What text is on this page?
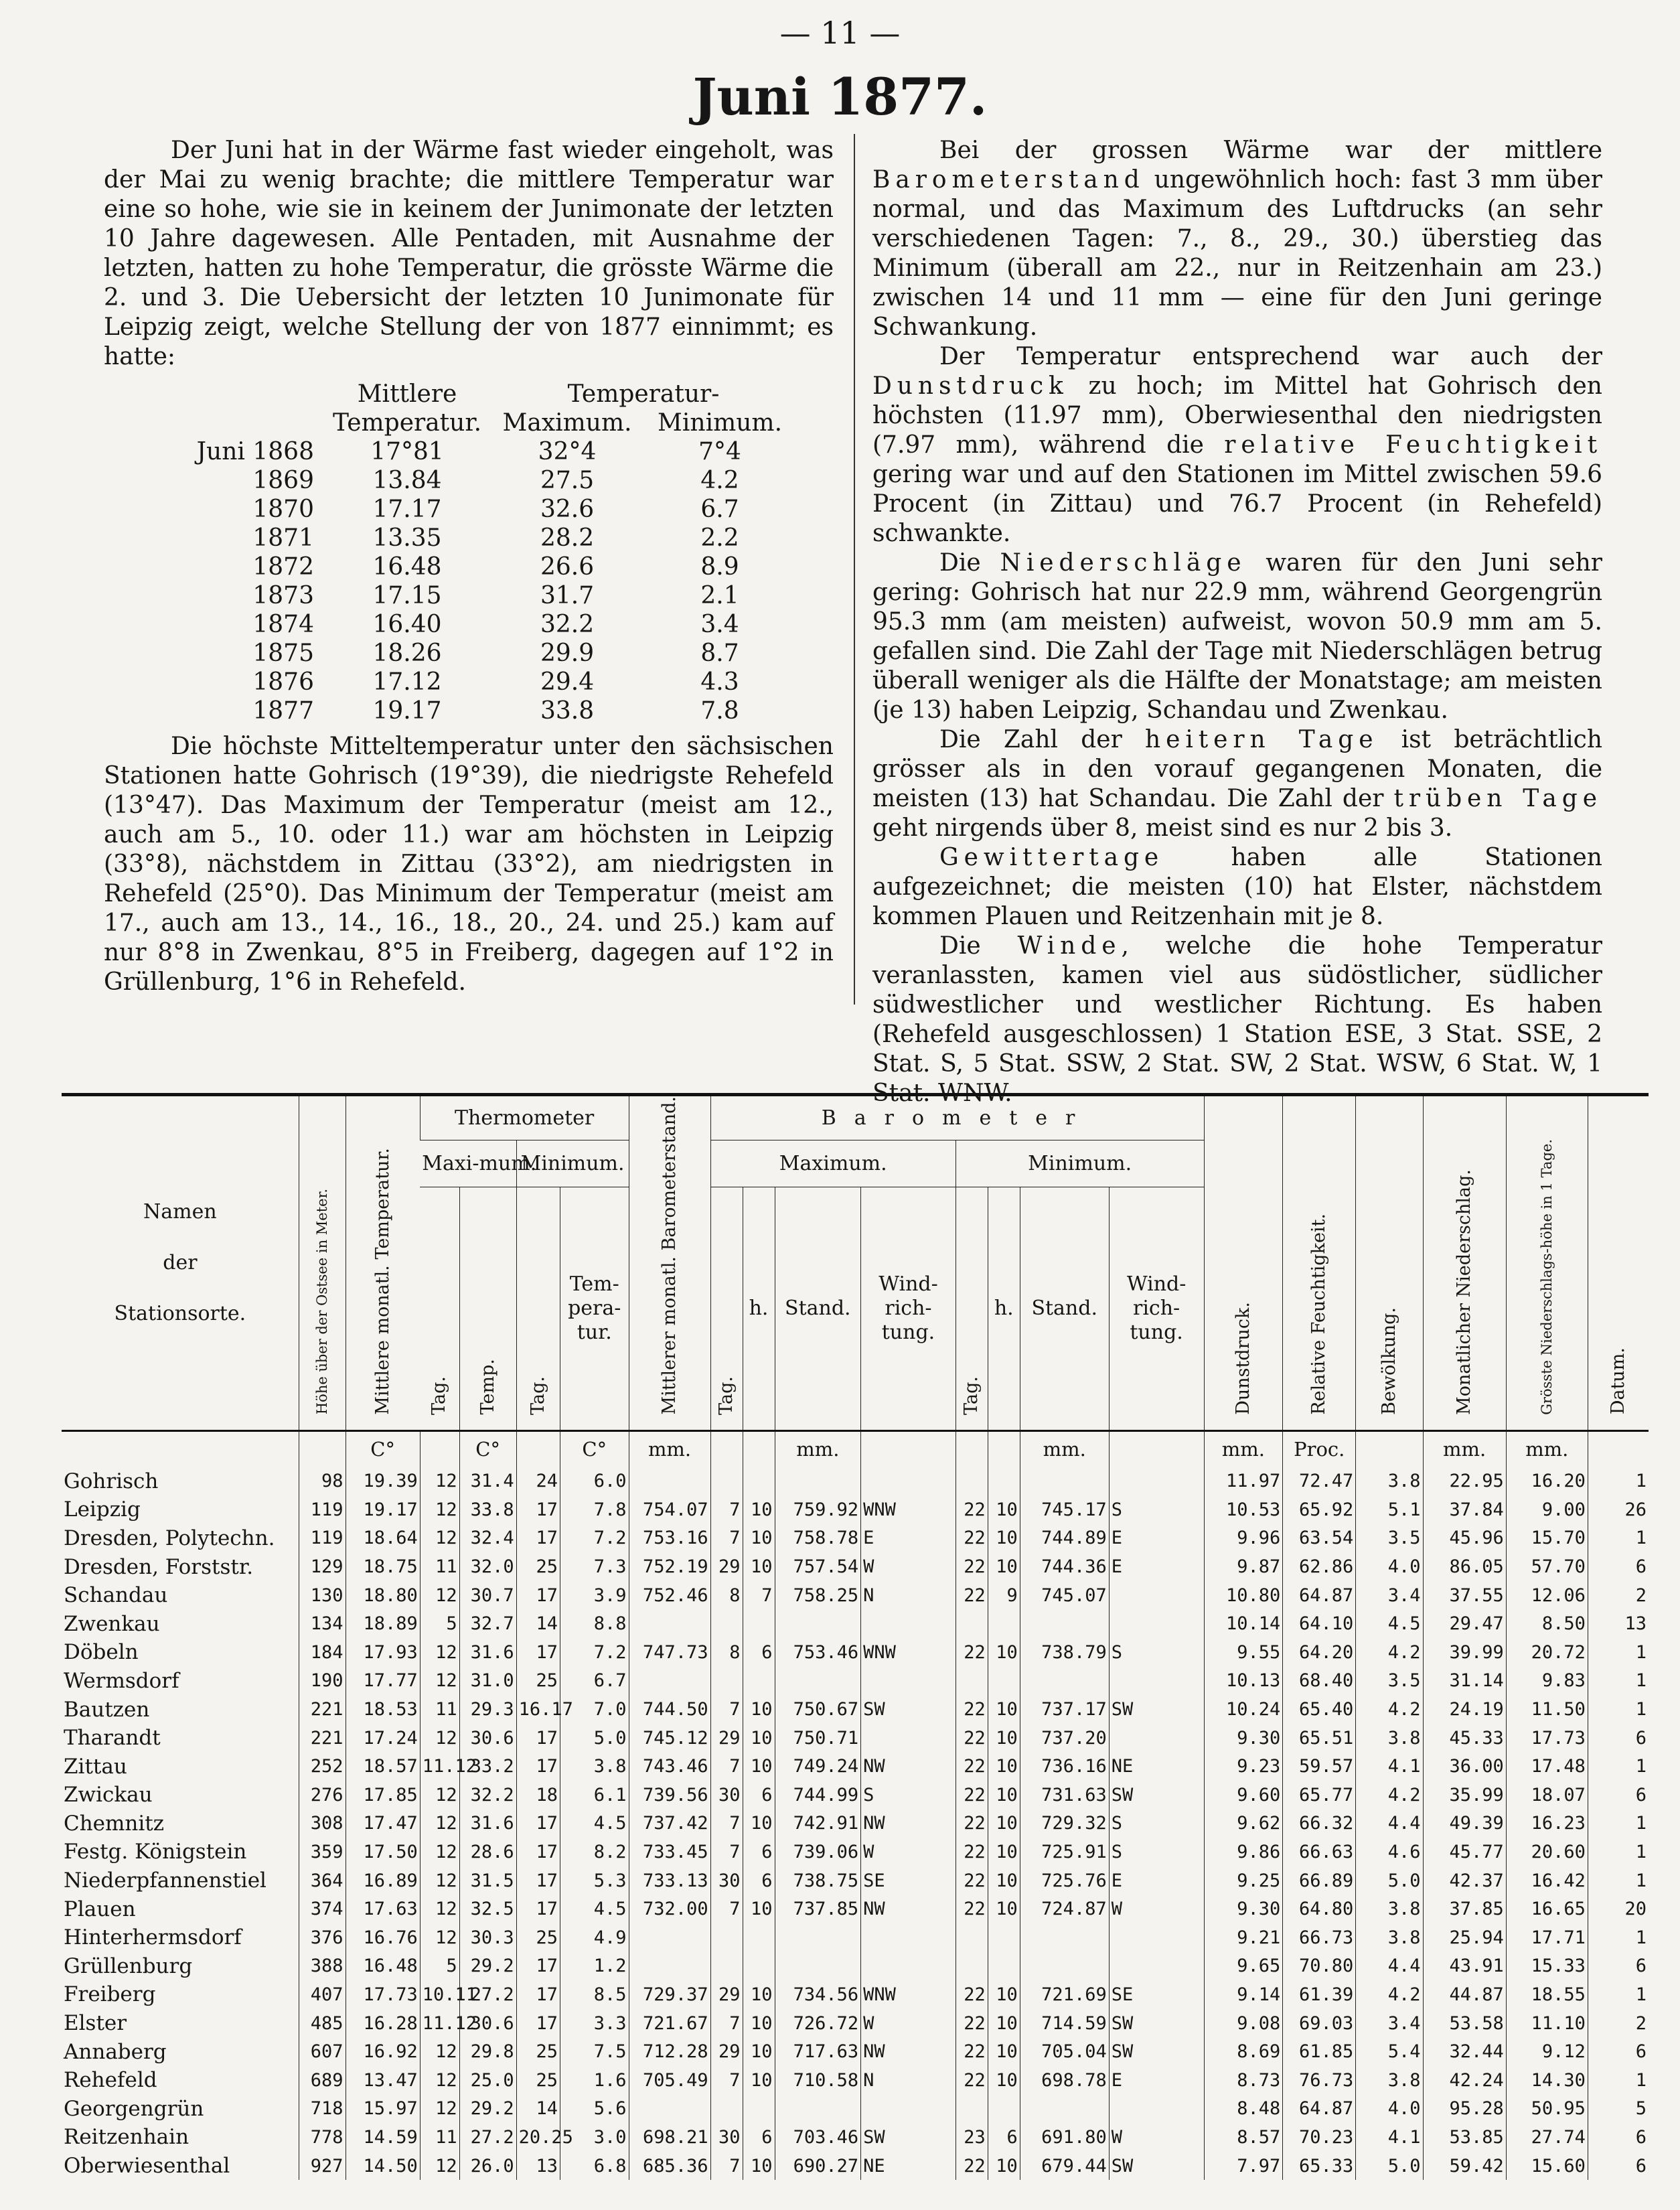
— 11 —
Juni 1877.

Der Juni hat in der Wärme fast wieder eingeholt, was der Mai zu wenig brachte; die mittlere Temperatur war eine so hohe, wie sie in keinem der Junimonate der letzten 10 Jahre dagewesen. Alle Pentaden, mit Ausnahme der letzten, hatten zu hohe Temperatur, die grösste Wärme die 2. und 3. Die Uebersicht der letzten 10 Junimonate für Leipzig zeigt, welche Stellung der von 1877 einnimmt; es hatte:

	Mittlere	Temperatur-	
	Temperatur.	Maximum.	Minimum.
Juni 1868	17°81	32°4	7°4
1869	13.84	27.5	4.2
1870	17.17	32.6	6.7
1871	13.35	28.2	2.2
1872	16.48	26.6	8.9
1873	17.15	31.7	2.1
1874	16.40	32.2	3.4
1875	18.26	29.9	8.7
1876	17.12	29.4	4.3
1877	19.17	33.8	7.8

Die höchste Mitteltemperatur unter den sächsischen Stationen hatte Gohrisch (19°39), die niedrigste Rehefeld (13°47). Das Maximum der Temperatur (meist am 12., auch am 5., 10. oder 11.) war am höchsten in Leipzig (33°8), nächstdem in Zittau (33°2), am niedrigsten in Rehefeld (25°0). Das Minimum der Temperatur (meist am 17., auch am 13., 14., 16., 18., 20., 24. und 25.) kam auf nur 8°8 in Zwenkau, 8°5 in Freiberg, dagegen auf 1°2 in Grüllenburg, 1°6 in Rehefeld.

Bei der grossen Wärme war der mittlere Barometerstand ungewöhnlich hoch: fast 3 mm über normal, und das Maximum des Luftdrucks (an sehr verschiedenen Tagen: 7., 8., 29., 30.) überstieg das Minimum (überall am 22., nur in Reitzenhain am 23.) zwischen 14 und 11 mm — eine für den Juni geringe Schwankung.

Der Temperatur entsprechend war auch der Dunstdruck zu hoch; im Mittel hat Gohrisch den höchsten (11.97 mm), Oberwiesenthal den niedrigsten (7.97 mm), während die relative Feuchtigkeit gering war und auf den Stationen im Mittel zwischen 59.6 Procent (in Zittau) und 76.7 Procent (in Rehefeld) schwankte.

Die Niederschläge waren für den Juni sehr gering: Gohrisch hat nur 22.9 mm, während Georgengrün 95.3 mm (am meisten) aufweist, wovon 50.9 mm am 5. gefallen sind. Die Zahl der Tage mit Niederschlägen betrug überall weniger als die Hälfte der Monatstage; am meisten (je 13) haben Leipzig, Schandau und Zwenkau.

Die Zahl der heitern Tage ist beträchtlich grösser als in den vorauf gegangenen Monaten, die meisten (13) hat Schandau. Die Zahl der trüben Tage geht nirgends über 8, meist sind es nur 2 bis 3.

Gewittertage haben alle Stationen aufgezeichnet; die meisten (10) hat Elster, nächstdem kommen Plauen und Reitzenhain mit je 8.

Die Winde, welche die hohe Temperatur veranlassten, kamen viel aus südöstlicher, südlicher südwestlicher und westlicher Richtung. Es haben (Rehefeld ausgeschlossen) 1 Station ESE, 3 Stat. SSE, 2 Stat. S, 5 Stat. SSW, 2 Stat. SW, 2 Stat. WSW, 6 Stat. W, 1 Stat. WNW.

Namen
der
Stationsorte.	Höhe über der Ostsee in Meter.	Mittlere monatl. Temperatur.	Thermometer				Mittlerer monatl. Barometerstand.	Barometer								Dunstdruck.	Relative Feuchtigkeit.	Bewölkung.	Monatlicher Niederschlag.	Grösste Niederschlags-höhe in 1 Tage.	Datum.
			Maxi-mum.		Minimum.			Maximum.				Minimum.									
			Tag.	Temp.	Tag.	Tem-pera-tur.		Tag.	h.	Stand.	Wind-rich-tung.	Tag.	h.	Stand.	Wind-rich-tung.						

		C°		C°		C°	mm.			mm.				mm.		mm.	Proc.		mm.	mm.	
Gohrisch	98	19.39	12	31.4	24	6.0										11.97	72.47	3.8	22.95	16.20	1
Leipzig	119	19.17	12	33.8	17	7.8	754.07	7	10	759.92	WNW	22	10	745.17	S	10.53	65.92	5.1	37.84	9.00	26
Dresden, Polytechn.	119	18.64	12	32.4	17	7.2	753.16	7	10	758.78	E	22	10	744.89	E	9.96	63.54	3.5	45.96	15.70	1
Dresden, Forststr.	129	18.75	11	32.0	25	7.3	752.19	29	10	757.54	W	22	10	744.36	E	9.87	62.86	4.0	86.05	57.70	6
Schandau	130	18.80	12	30.7	17	3.9	752.46	8	7	758.25	N	22	9	745.07		10.80	64.87	3.4	37.55	12.06	2
Zwenkau	134	18.89	5	32.7	14	8.8										10.14	64.10	4.5	29.47	8.50	13
Döbeln	184	17.93	12	31.6	17	7.2	747.73	8	6	753.46	WNW	22	10	738.79	S	9.55	64.20	4.2	39.99	20.72	1
Wermsdorf	190	17.77	12	31.0	25	6.7										10.13	68.40	3.5	31.14	9.83	1
Bautzen	221	18.53	11	29.3	16.17	7.0	744.50	7	10	750.67	SW	22	10	737.17	SW	10.24	65.40	4.2	24.19	11.50	1
Tharandt	221	17.24	12	30.6	17	5.0	745.12	29	10	750.71		22	10	737.20		9.30	65.51	3.8	45.33	17.73	6
Zittau	252	18.57	11.12	33.2	17	3.8	743.46	7	10	749.24	NW	22	10	736.16	NE	9.23	59.57	4.1	36.00	17.48	1
Zwickau	276	17.85	12	32.2	18	6.1	739.56	30	6	744.99	S	22	10	731.63	SW	9.60	65.77	4.2	35.99	18.07	6
Chemnitz	308	17.47	12	31.6	17	4.5	737.42	7	10	742.91	NW	22	10	729.32	S	9.62	66.32	4.4	49.39	16.23	1
Festg. Königstein	359	17.50	12	28.6	17	8.2	733.45	7	6	739.06	W	22	10	725.91	S	9.86	66.63	4.6	45.77	20.60	1
Niederpfannenstiel	364	16.89	12	31.5	17	5.3	733.13	30	6	738.75	SE	22	10	725.76	E	9.25	66.89	5.0	42.37	16.42	1
Plauen	374	17.63	12	32.5	17	4.5	732.00	7	10	737.85	NW	22	10	724.87	W	9.30	64.80	3.8	37.85	16.65	20
Hinterhermsdorf	376	16.76	12	30.3	25	4.9										9.21	66.73	3.8	25.94	17.71	1
Grüllenburg	388	16.48	5	29.2	17	1.2										9.65	70.80	4.4	43.91	15.33	6
Freiberg	407	17.73	10.11	27.2	17	8.5	729.37	29	10	734.56	WNW	22	10	721.69	SE	9.14	61.39	4.2	44.87	18.55	1
Elster	485	16.28	11.12	30.6	17	3.3	721.67	7	10	726.72	W	22	10	714.59	SW	9.08	69.03	3.4	53.58	11.10	2
Annaberg	607	16.92	12	29.8	25	7.5	712.28	29	10	717.63	NW	22	10	705.04	SW	8.69	61.85	5.4	32.44	9.12	6
Rehefeld	689	13.47	12	25.0	25	1.6	705.49	7	10	710.58	N	22	10	698.78	E	8.73	76.73	3.8	42.24	14.30	1
Georgengrün	718	15.97	12	29.2	14	5.6										8.48	64.87	4.0	95.28	50.95	5
Reitzenhain	778	14.59	11	27.2	20.25	3.0	698.21	30	6	703.46	SW	23	6	691.80	W	8.57	70.23	4.1	53.85	27.74	6
Oberwiesenthal	927	14.50	12	26.0	13	6.8	685.36	7	10	690.27	NE	22	10	679.44	SW	7.97	65.33	5.0	59.42	15.60	6
